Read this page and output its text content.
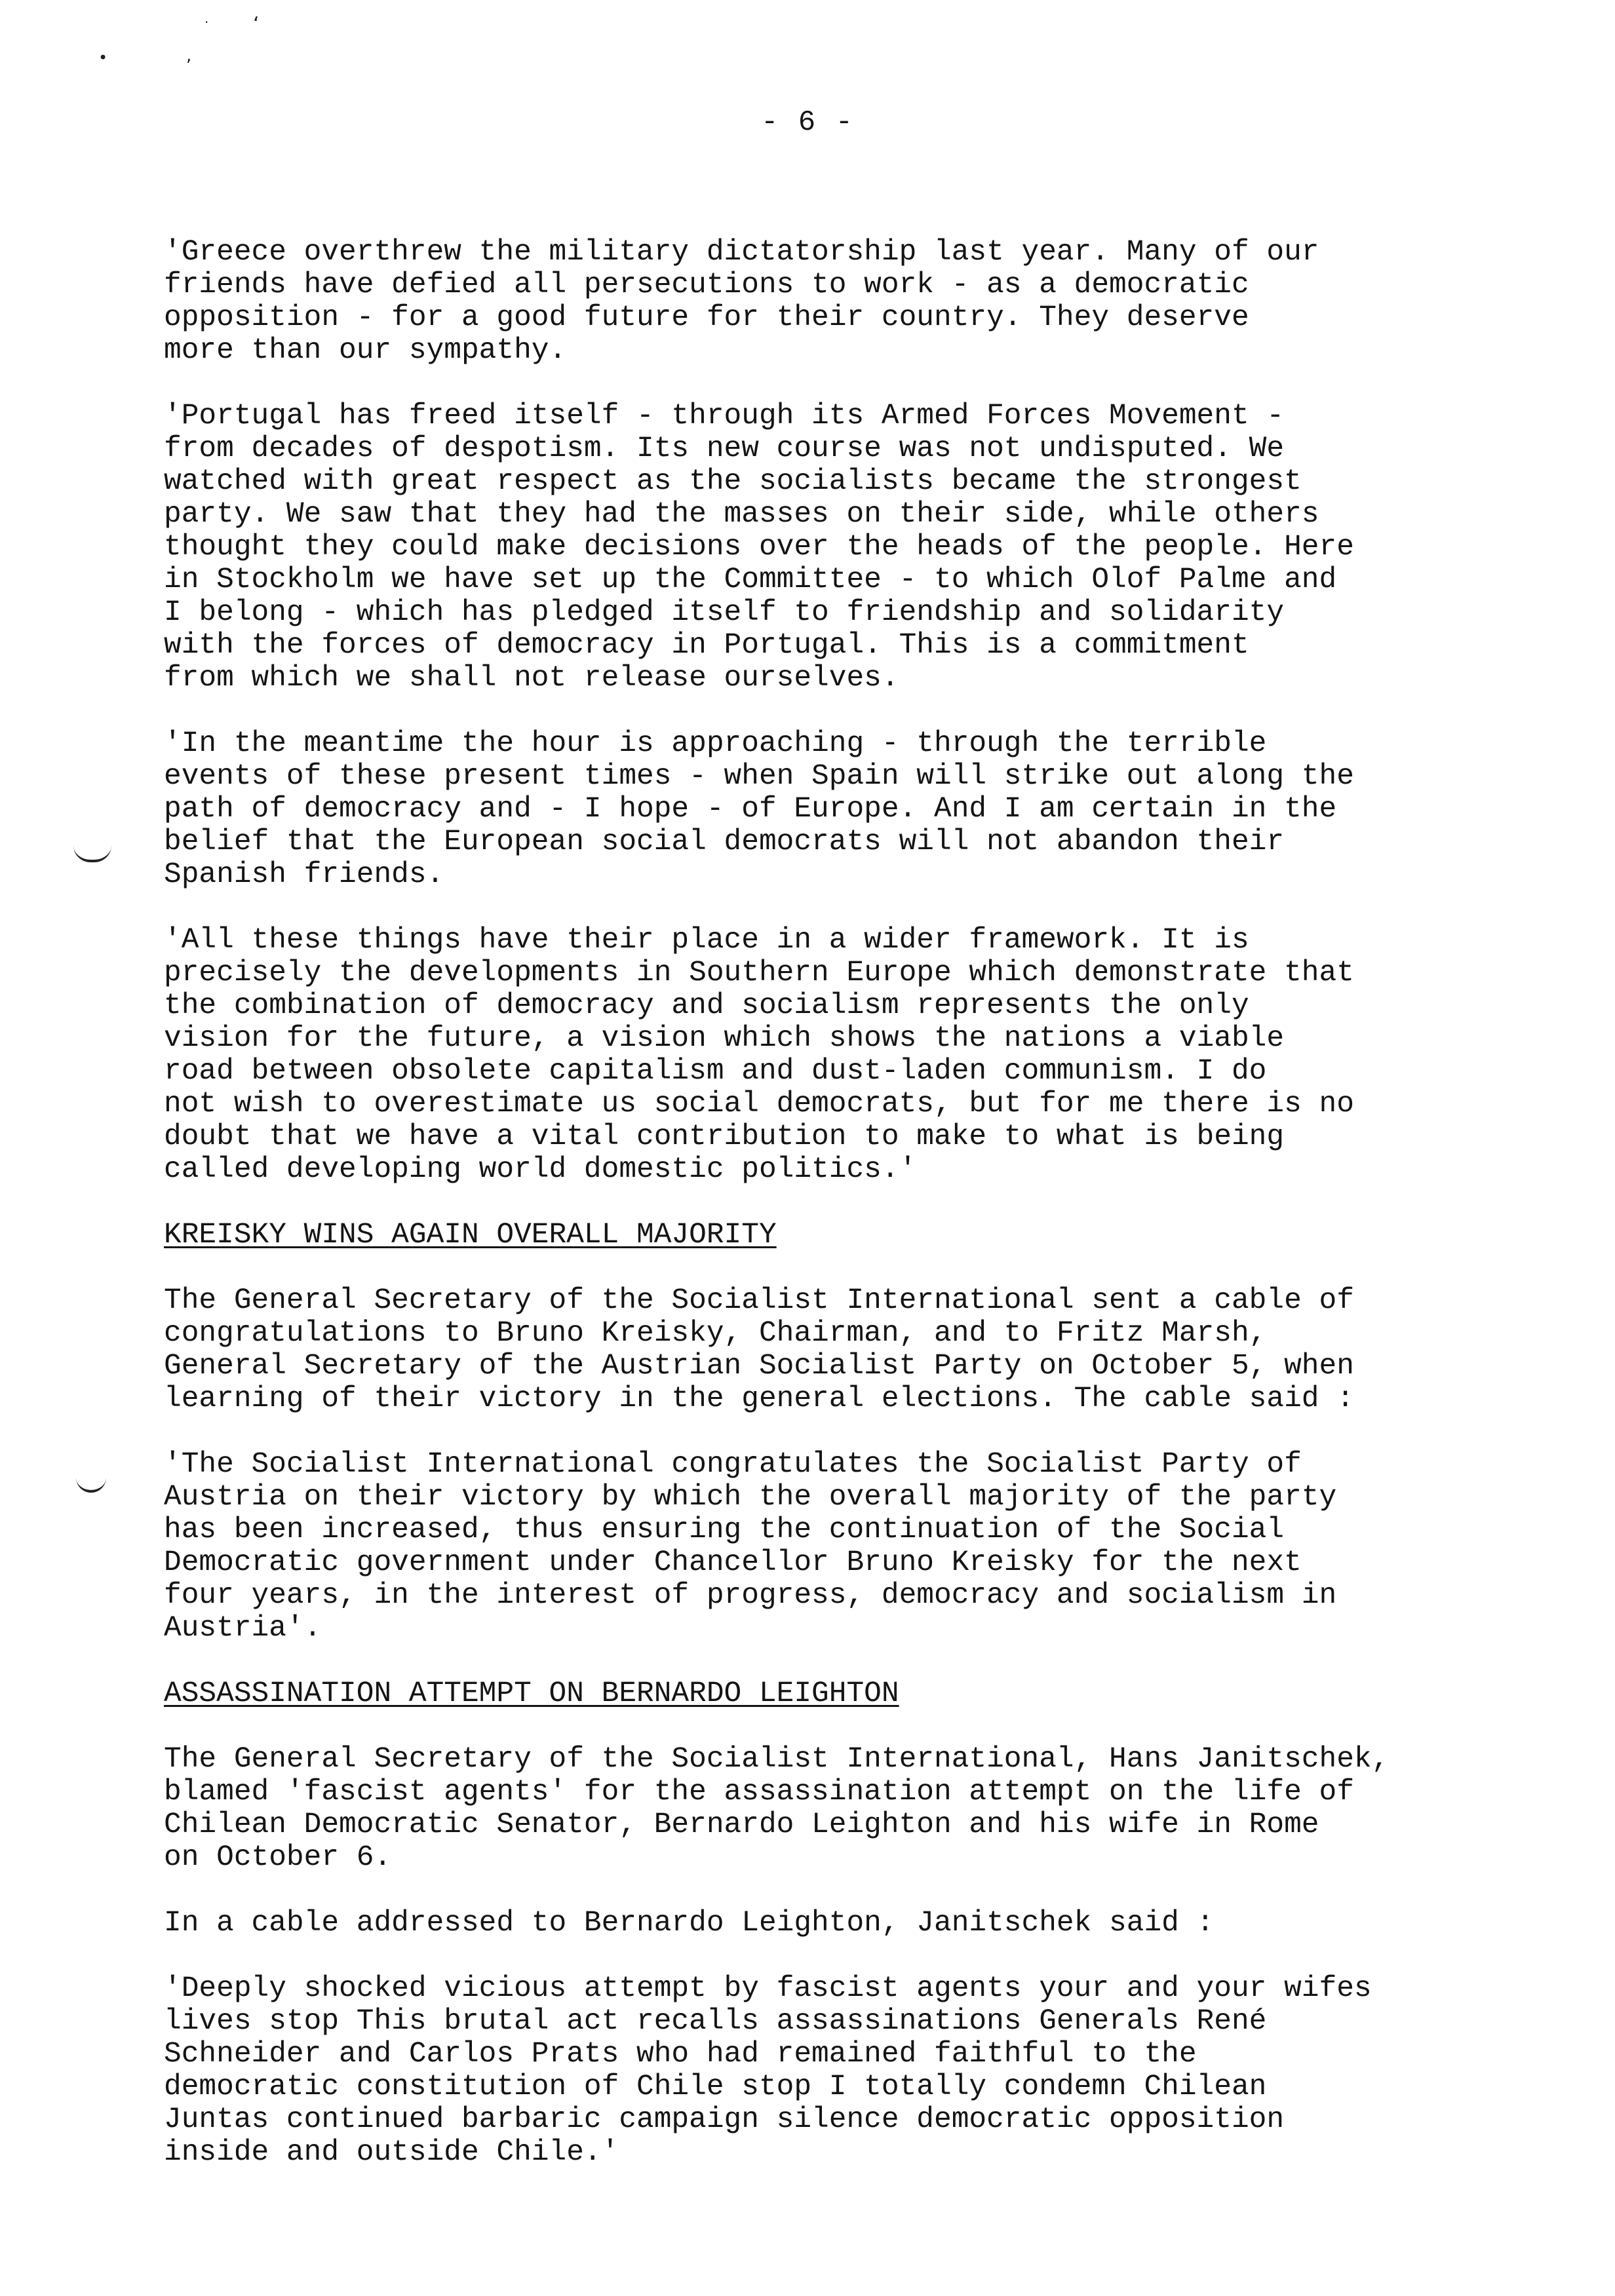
ʻ
·
•	,
- 6 -

'Greece overthrew the military dictatorship last year. Many of our
friends have defied all persecutions to work - as a democratic
opposition - for a good future for their country. They deserve
more than our sympathy.

'Portugal has freed itself - through its Armed Forces Movement -
from decades of despotism. Its new course was not undisputed. We
watched with great respect as the socialists became the strongest
party. We saw that they had the masses on their side, while others
thought they could make decisions over the heads of the people. Here
in Stockholm we have set up the Committee - to which Olof Palme and
I belong - which has pledged itself to friendship and solidarity
with the forces of democracy in Portugal. This is a commitment
from which we shall not release ourselves.

'In the meantime the hour is approaching - through the terrible
events of these present times - when Spain will strike out along the
path of democracy and - I hope - of Europe. And I am certain in the
belief that the European social democrats will not abandon their
Spanish friends.

'All these things have their place in a wider framework. It is
precisely the developments in Southern Europe which demonstrate that
the combination of democracy and socialism represents the only
vision for the future, a vision which shows the nations a viable
road between obsolete capitalism and dust-laden communism. I do
not wish to overestimate us social democrats, but for me there is no
doubt that we have a vital contribution to make to what is being
called developing world domestic politics.'

KREISKY WINS AGAIN OVERALL MAJORITY

The General Secretary of the Socialist International sent a cable of
congratulations to Bruno Kreisky, Chairman, and to Fritz Marsh,
General Secretary of the Austrian Socialist Party on October 5, when
learning of their victory in the general elections. The cable said :

'The Socialist International congratulates the Socialist Party of
Austria on their victory by which the overall majority of the party
has been increased, thus ensuring the continuation of the Social
Democratic government under Chancellor Bruno Kreisky for the next
four years, in the interest of progress, democracy and socialism in
Austria'.

ASSASSINATION ATTEMPT ON BERNARDO LEIGHTON

The General Secretary of the Socialist International, Hans Janitschek,
blamed 'fascist agents' for the assassination attempt on the life of
Chilean Democratic Senator, Bernardo Leighton and his wife in Rome
on October 6.

In a cable addressed to Bernardo Leighton, Janitschek said :

'Deeply shocked vicious attempt by fascist agents your and your wifes
lives stop This brutal act recalls assassinations Generals René
Schneider and Carlos Prats who had remained faithful to the
democratic constitution of Chile stop I totally condemn Chilean
Juntas continued barbaric campaign silence democratic opposition
inside and outside Chile.'
